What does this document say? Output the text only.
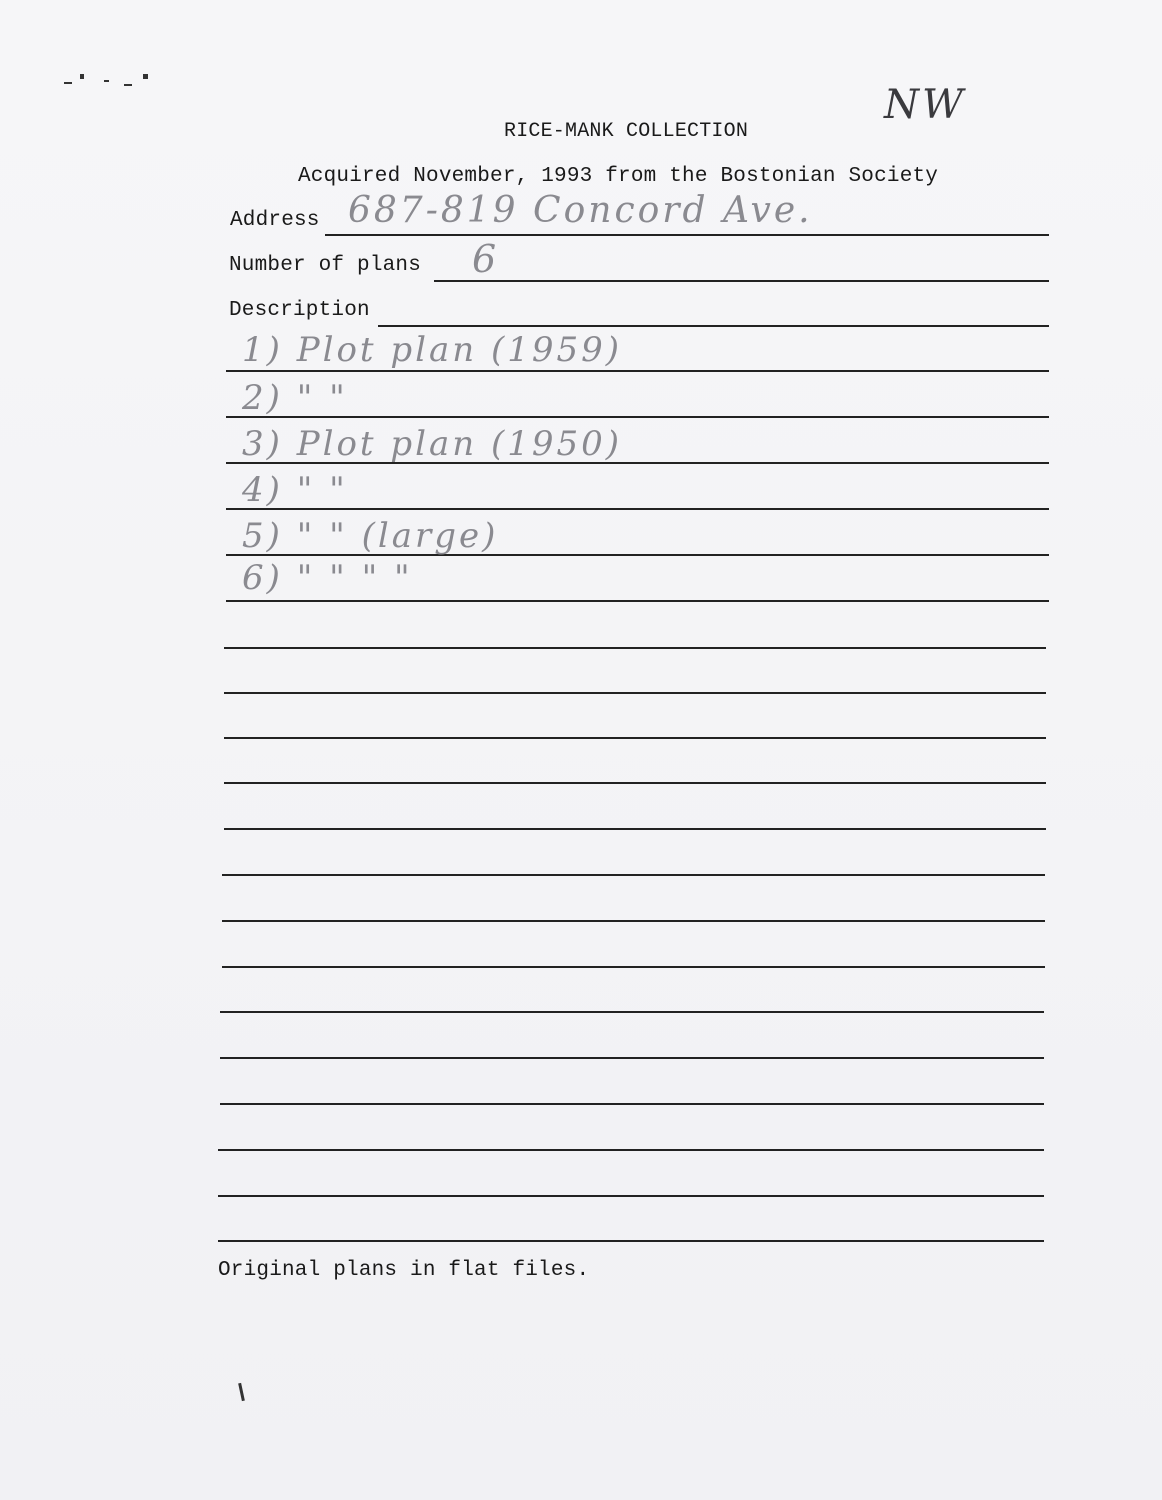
NW
RICE-MANK COLLECTION
Acquired November, 1993 from the Bostonian Society
Address 687-819 Concord Ave.
Number of plans 6
Description
1) Plot plan (1959)
2) " "
3) Plot plan (1950)
4) " "
5) " " (large)
6) " " " "
Original plans in flat files.
